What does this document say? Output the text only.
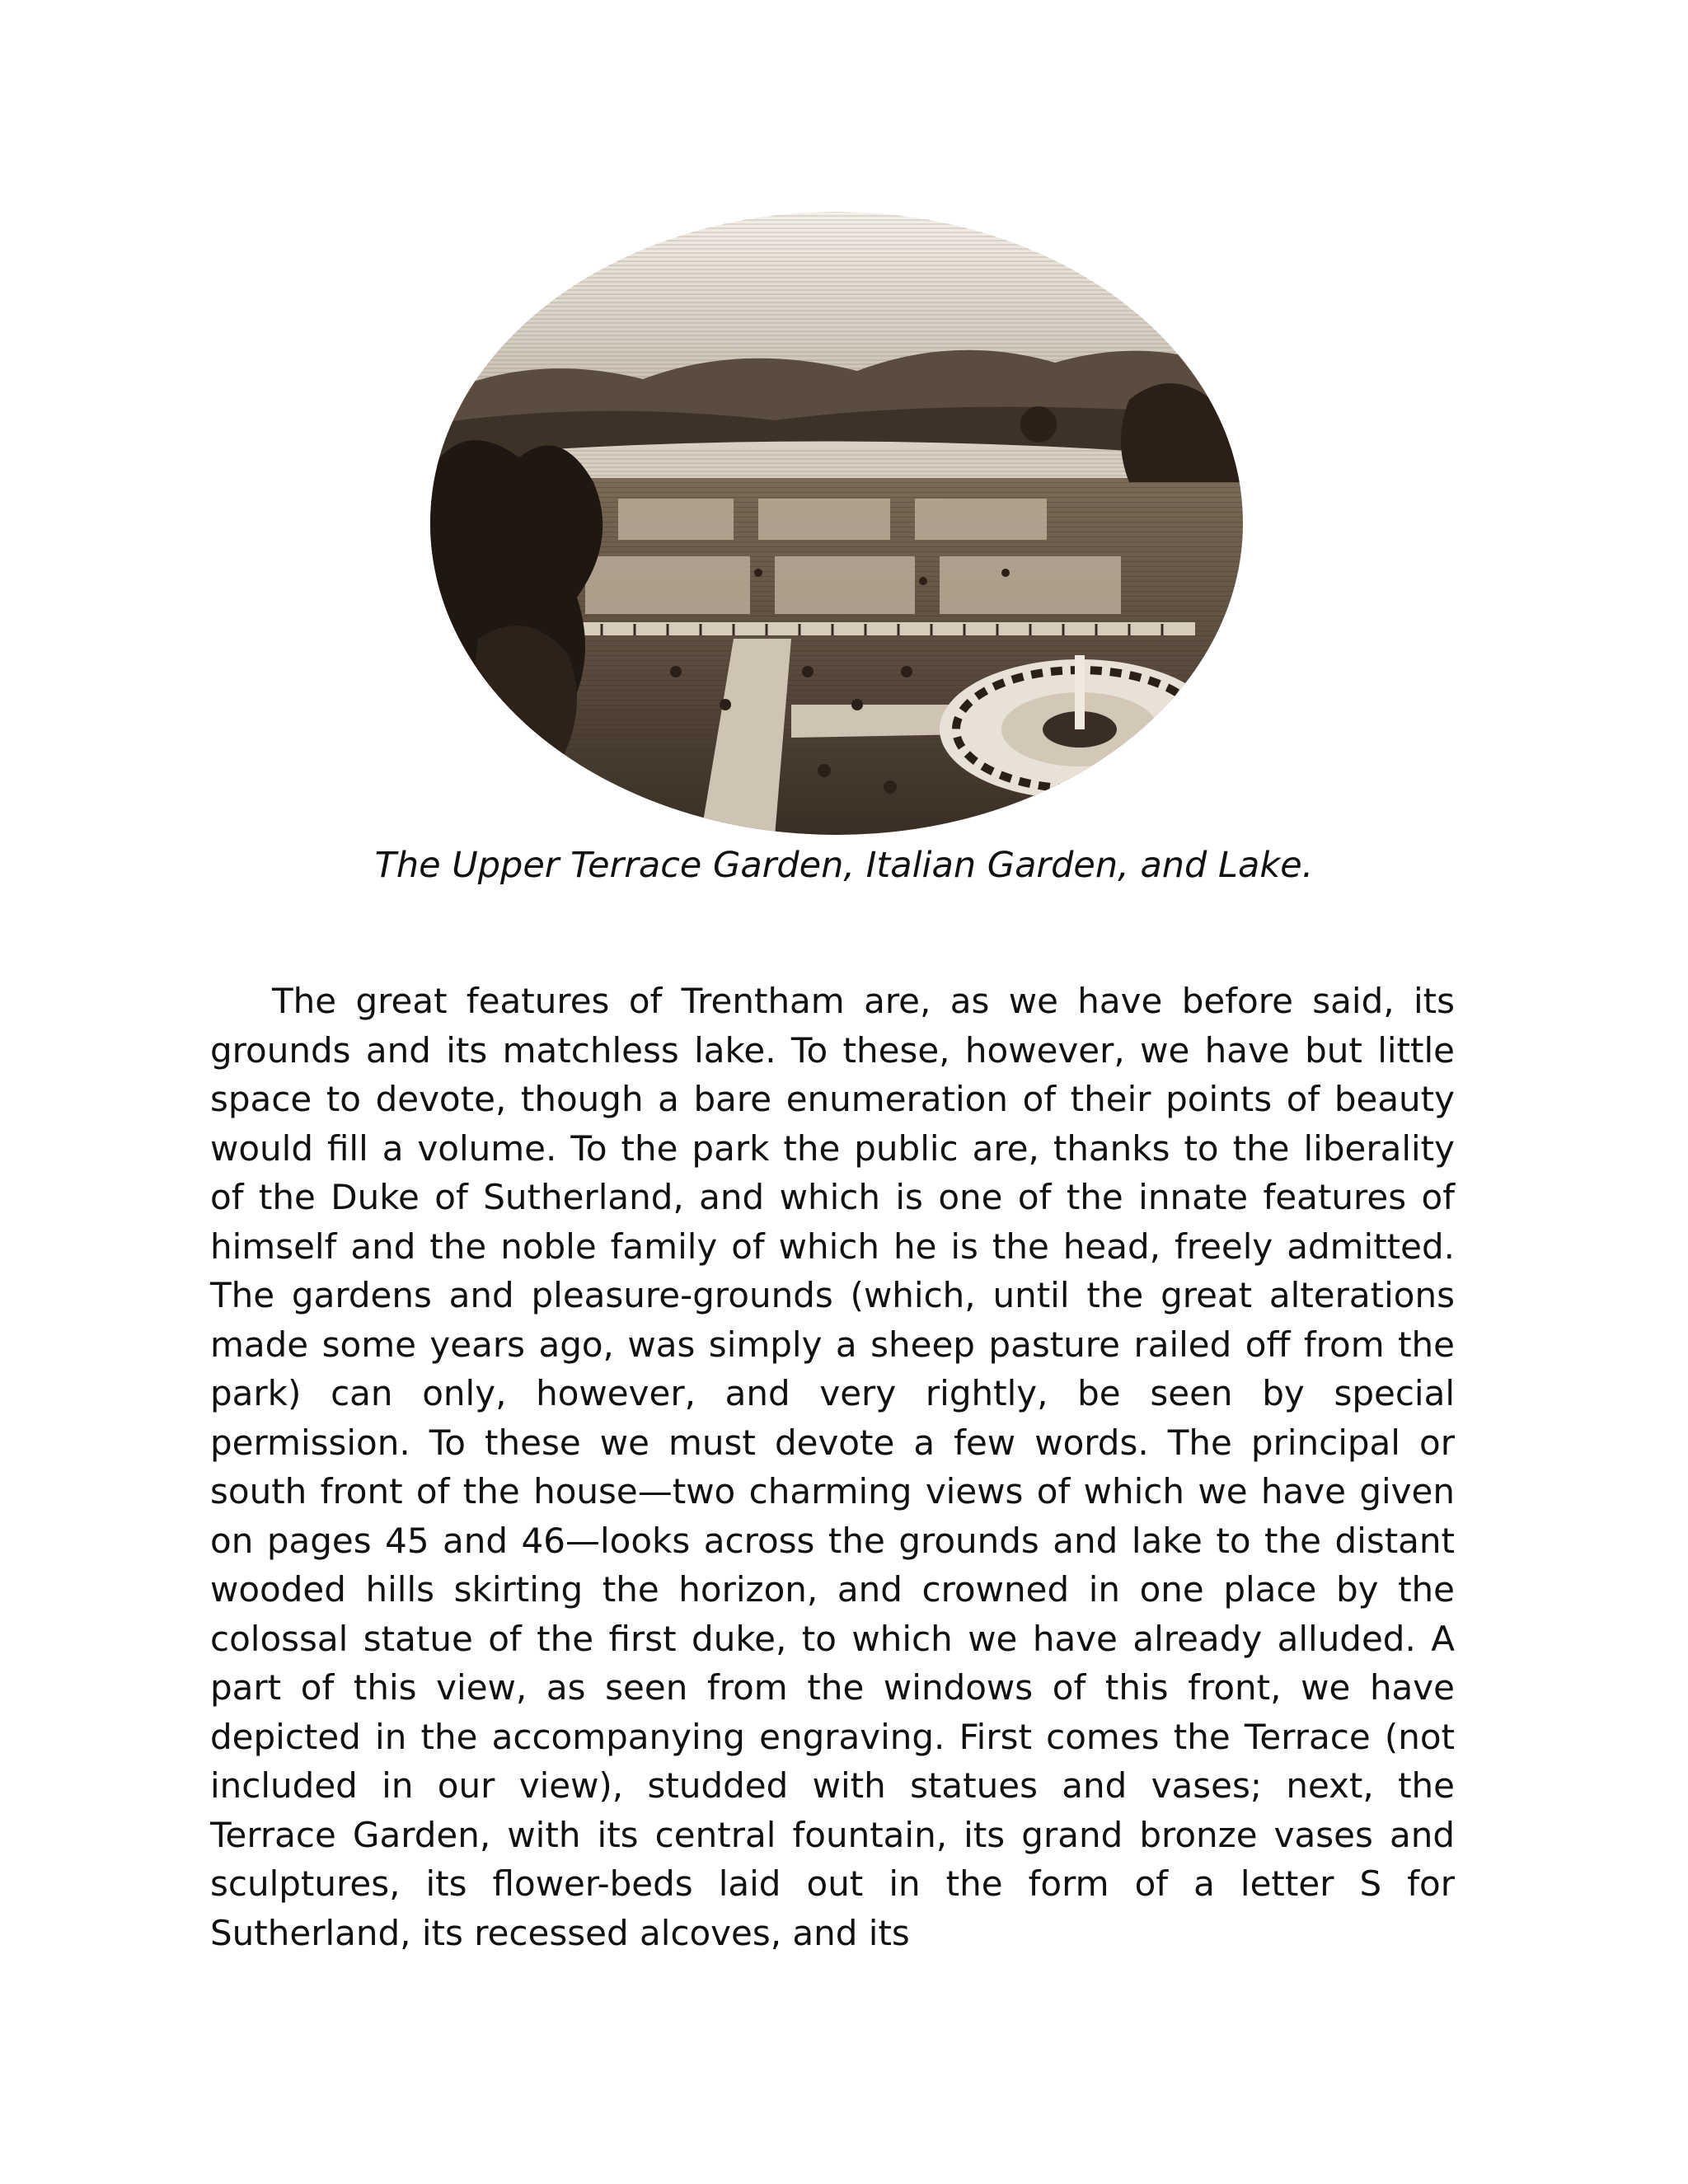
The Upper Terrace Garden, Italian Garden, and Lake.

The great features of Trentham are, as we have before said, its grounds and its matchless lake. To these, however, we have but little space to devote, though a bare enumeration of their points of beauty would fill a volume. To the park the public are, thanks to the liberality of the Duke of Sutherland, and which is one of the innate features of himself and the noble family of which he is the head, freely admitted. The gardens and pleasure-grounds (which, until the great alterations made some years ago, was simply a sheep pasture railed off from the park) can only, however, and very rightly, be seen by special permission. To these we must devote a few words. The principal or south front of the house—two charming views of which we have given on pages 45 and 46—looks across the grounds and lake to the distant wooded hills skirting the horizon, and crowned in one place by the colossal statue of the first duke, to which we have already alluded. A part of this view, as seen from the windows of this front, we have depicted in the accompanying engraving. First comes the Terrace (not included in our view), studded with statues and vases; next, the Terrace Garden, with its central fountain, its grand bronze vases and sculptures, its flower-beds laid out in the form of a letter S for Sutherland, its recessed alcoves, and its
